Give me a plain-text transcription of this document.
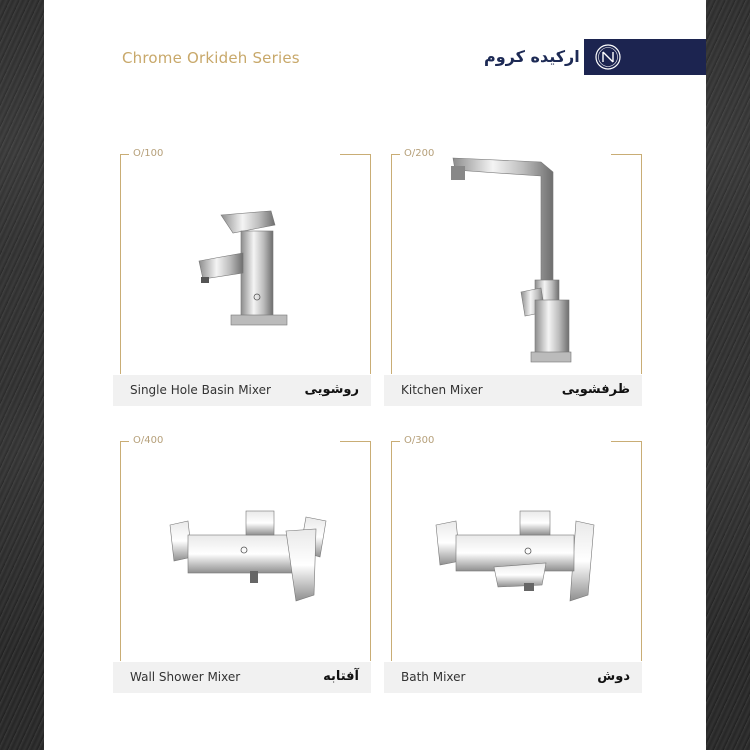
Chrome Orkideh Series	ارکیده کروم
O/100
Single Hole Basin Mixer	روشویی
O/200
Kitchen Mixer	ظرفشویی
O/400
Wall Shower Mixer	آفتابه
O/300
Bath Mixer	دوش
